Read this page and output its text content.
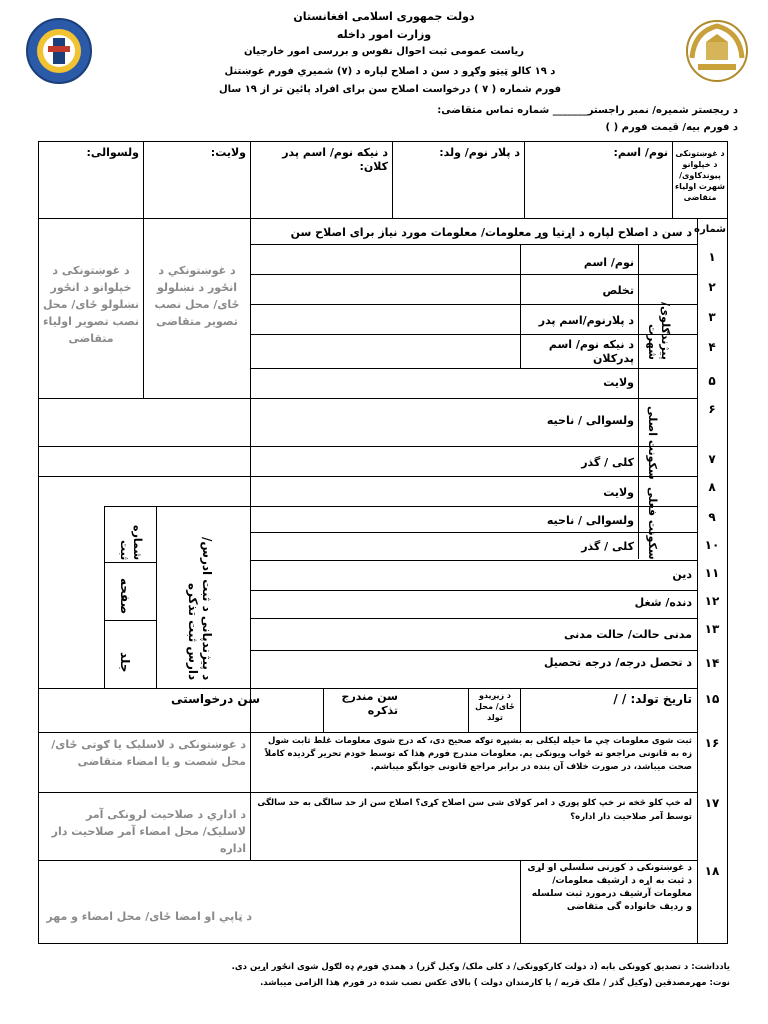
دولت جمهوری اسلامی افغانستان
وزارت امور داخله
ریاست عمومی ثبت احوال نفوس و بررسی امور خارجیان
د ۱۹ کالو ټیټو وګړو د سن د اصلاح لپاره د (۷) شمیري فورم غوښتنل
فورم شماره ( ۷ ) درخواست اصلاح سن برای افراد پائین تر از ۱۹ سال
د ریجستر شمیره/ نمبر راجستر_______ شماره تماس متقاضی:
د فورم بیه/ قیمت فورم ( )
د غوښتونکی د خپلوانو پیوندکاوی/ شهرت اولیاء متقاضی
نوم/ اسم:
د پلار نوم/ ولد:
د نیکه نوم/ اسم پدر کلان:
ولایت:
ولسوالی:
شماره
د سن د اصلاح لپاره د اړتیا وړ معلومات/ معلومات مورد نیاز برای اصلاح سن
پیژندګلوی/شهرت
سکونت اصلی
سکونت فعلی
د غوښتونکي د انځور د نښلولو ځای/ محل نصب تصویر متقاضی
د غوښتونکی د خپلوانو د انځور نښلولو ځای/ محل نصب تصویر اولیاء متقاضی
۱
۲
۳
۴
۵
۶
۷
۸
۹
۱۰
۱۱
۱۲
۱۳
۱۴
۱۵
۱۶
۱۷
۱۸
نوم/ اسم
تخلص
د پلارنوم/اسم پدر
د نیکه نوم/ اسم پدرکلان
ولایت
ولسوالی / ناحیه
کلی / گذر
ولایت
ولسوالی / ناحیه
کلی / گذر
دین
دنده/ شغل
مدنی حالت/ حالت مدنی
د تحصل درجه/ درجه تحصیل
تاریخ تولد: / /
د پیژندپانی د ثبت ادرس/ دارس ثبت تذکره
شماره ثبت
صفحه
جلد
د زیږیدو ځای/ محل تولد
سن مندرج تذکره
سن درخواستی
ثبت شوی معلومات چې ما حیله لیکلی به بشپړه توګه صحیح دی، که درج شوی معلومات غلط ثابت شول زه به قانونی مراجعو ته ځواب ویونکی یم. معلومات مندرج فورم هذا که توسط خودم تحریر گردیده کاملاً صحت میباشد، در صورت خلاف آن بنده در برابر مراجع قانونی جوابگو میباشم.
د غوښتونکی د لاسلیک یا ګوتی ځای/ محل شصت و یا امضاء متقاضی
له خپ کلو څخه نر خپ کلو پوري د امر کولای شی سن اصلاح کړی؟ اصلاح سن از حد سالگی به حد سالگی توسط آمر صلاحیت دار اداره؟
د اداري د صلاحيت لرونکی آمر لاسلیک/ محل امضاء آمر صلاحیت دار اداره
د غوښتونکی د کورنی سلسلي او لړی د ثبت به اړه د ارشیف معلومات/ معلومات آرشیف درمورد ثبت سلسله و ردیف خانواده گی متقاضی
د ټاپي او امضا ځای/ محل امضاء و مهر
یادداشت: د تصدیق کوونکی بابه (د دولت کارکوونکی/ د کلی ملک/ وکیل گزر) د همدي فورم ډه لګول شوی انځور اړین دی.
نوت: مهرمصدقین (وکیل گذر / ملک قریه / یا کارمندان دولت ) بالای عکس نصب شده در فورم هذا الزامی میباشد.
